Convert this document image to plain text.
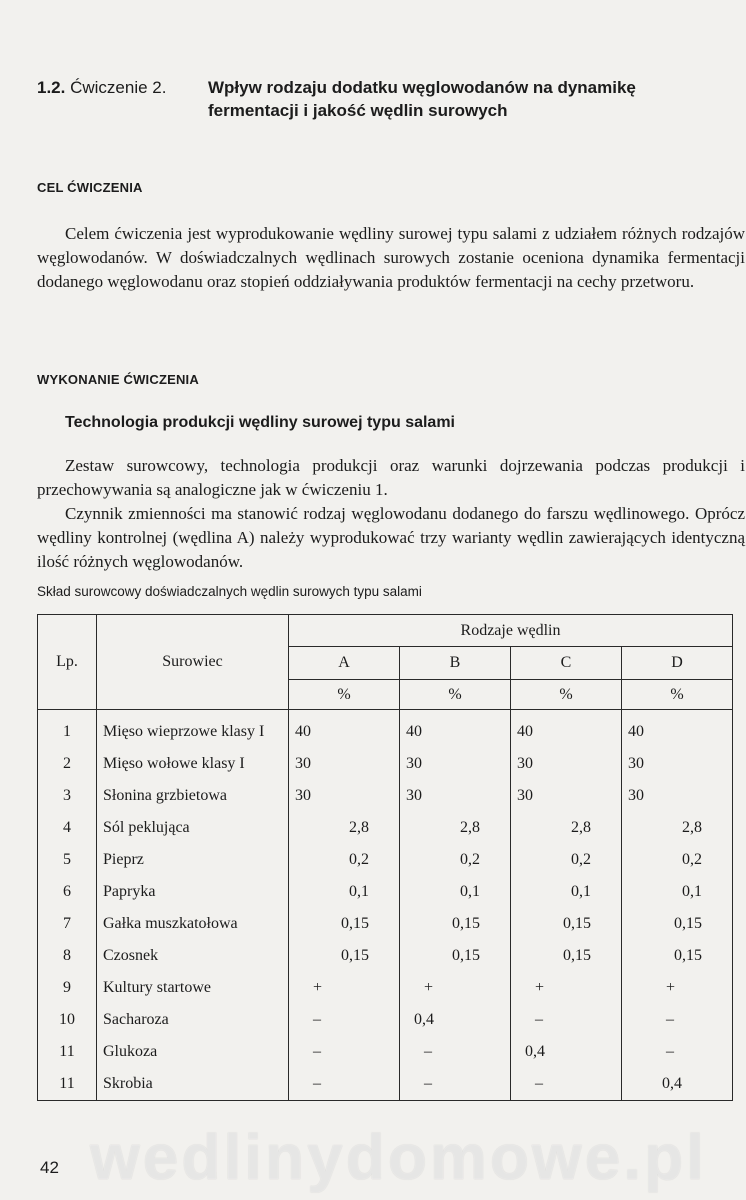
1.2. Ćwiczenie 2. Wpływ rodzaju dodatku węglowodanów na dynamikę
fermentacji i jakość wędlin surowych
CEL ĆWICZENIA

Celem ćwiczenia jest wyprodukowanie wędliny surowej typu salami z udziałem różnych rodzajów węglowodanów. W doświadczalnych wędlinach surowych zostanie oceniona dynamika fermentacji dodanego węglowodanu oraz stopień oddziaływania produktów fermentacji na cechy przetworu.

WYKONANIE ĆWICZENIA
Technologia produkcji wędliny surowej typu salami

Zestaw surowcowy, technologia produkcji oraz warunki dojrzewania podczas produkcji i przechowywania są analogiczne jak w ćwiczeniu 1.

Czynnik zmienności ma stanowić rodzaj węglowodanu dodanego do farszu wędlinowego. Oprócz wędliny kontrolnej (wędlina A) należy wyprodukować trzy warianty wędlin zawierających identyczną ilość różnych węglowodanów.

Skład surowcowy doświadczalnych wędlin surowych typu salami
Lp.	Surowiec	Rodzaje wędlin			
		A	B	C	D
		%	%	%	%
1	Mięso wieprzowe klasy I	40	40	40	40
2	Mięso wołowe klasy I	30	30	30	30
3	Słonina grzbietowa	30	30	30	30
4	Sól peklująca	2,8	2,8	2,8	2,8
5	Pieprz	0,2	0,2	0,2	0,2
6	Papryka	0,1	0,1	0,1	0,1
7	Gałka muszkatołowa	0,15	0,15	0,15	0,15
8	Czosnek	0,15	0,15	0,15	0,15
9	Kultury startowe	+	+	+	+
10	Sacharoza	–	0,4	–	–
11	Glukoza	–	–	0,4	–
11	Skrobia	–	–	–	0,4
wedlinydomowe.pl
42
